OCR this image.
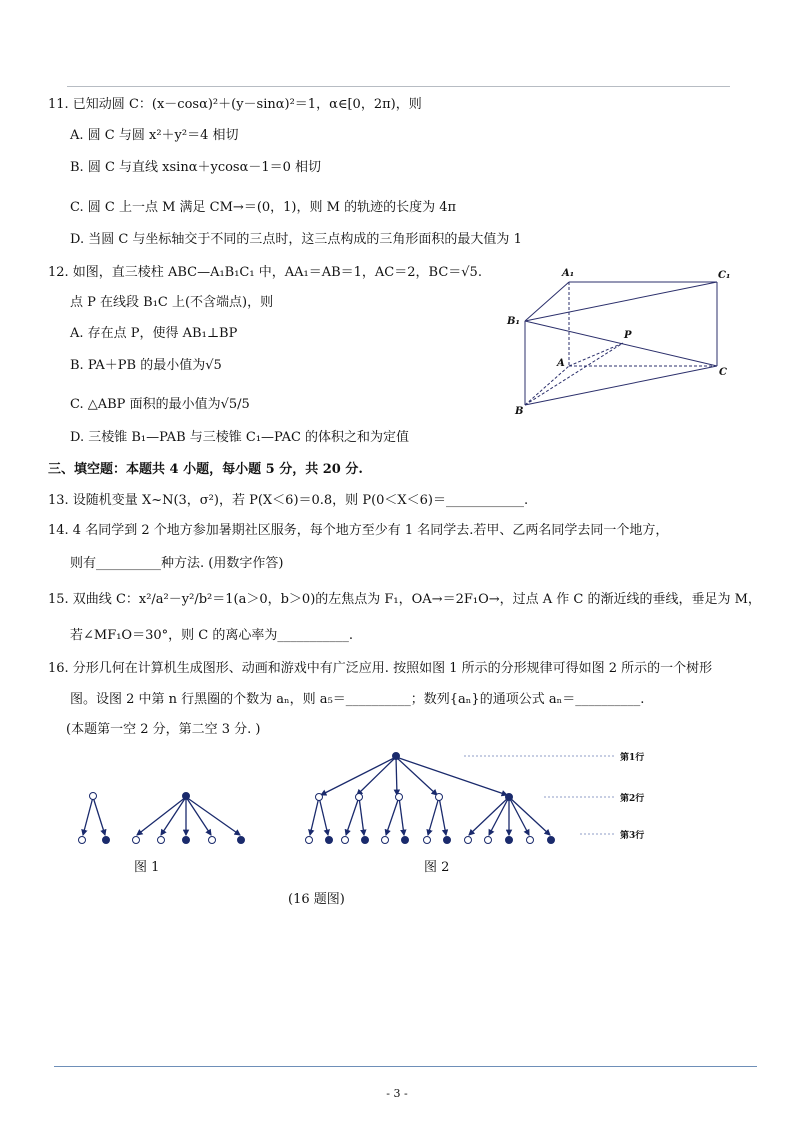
11. 已知动圆 C：(x－cosα)²＋(y－sinα)²＝1，α∈[0，2π)，则
A. 圆 C 与圆 x²＋y²＝4 相切
B. 圆 C 与直线 xsinα＋ycosα－1＝0 相切
C. 圆 C 上一点 M 满足 CM→＝(0，1)，则 M 的轨迹的长度为 4π
D. 当圆 C 与坐标轴交于不同的三点时，这三点构成的三角形面积的最大值为 1
12. 如图，直三棱柱 ABC—A₁B₁C₁ 中，AA₁＝AB＝1，AC＝2，BC＝√5.
点 P 在线段 B₁C 上(不含端点)，则
A. 存在点 P，使得 AB₁⊥BP
B. PA＋PB 的最小值为√5
C. △ABP 面积的最小值为√5/5
D. 三棱锥 B₁—PAB 与三棱锥 C₁—PAC 的体积之和为定值
A₁	C₁
B₁
P
A
C
B
三、填空题：本题共 4 小题，每小题 5 分，共 20 分.
13. 设随机变量 X~N(3，σ²)，若 P(X＜6)＝0.8，则 P(0＜X＜6)＝____________.
14. 4 名同学到 2 个地方参加暑期社区服务，每个地方至少有 1 名同学去.若甲、乙两名同学去同一个地方，
则有__________种方法. (用数字作答)
15. 双曲线 C：x²/a²－y²/b²＝1(a＞0，b＞0)的左焦点为 F₁，OA→＝2F₁O→，过点 A 作 C 的渐近线的垂线，垂足为 M，
若∠MF₁O＝30°，则 C 的离心率为___________.
16. 分形几何在计算机生成图形、动画和游戏中有广泛应用. 按照如图 1 所示的分形规律可得如图 2 所示的一个树形
图。设图 2 中第 n 行黑圈的个数为 aₙ，则 a₅＝__________；数列{aₙ}的通项公式 aₙ＝__________.
(本题第一空 2 分，第二空 3 分. )
第1行
第2行
第3行
图 1	图 2
(16 题图)
- 3 -
